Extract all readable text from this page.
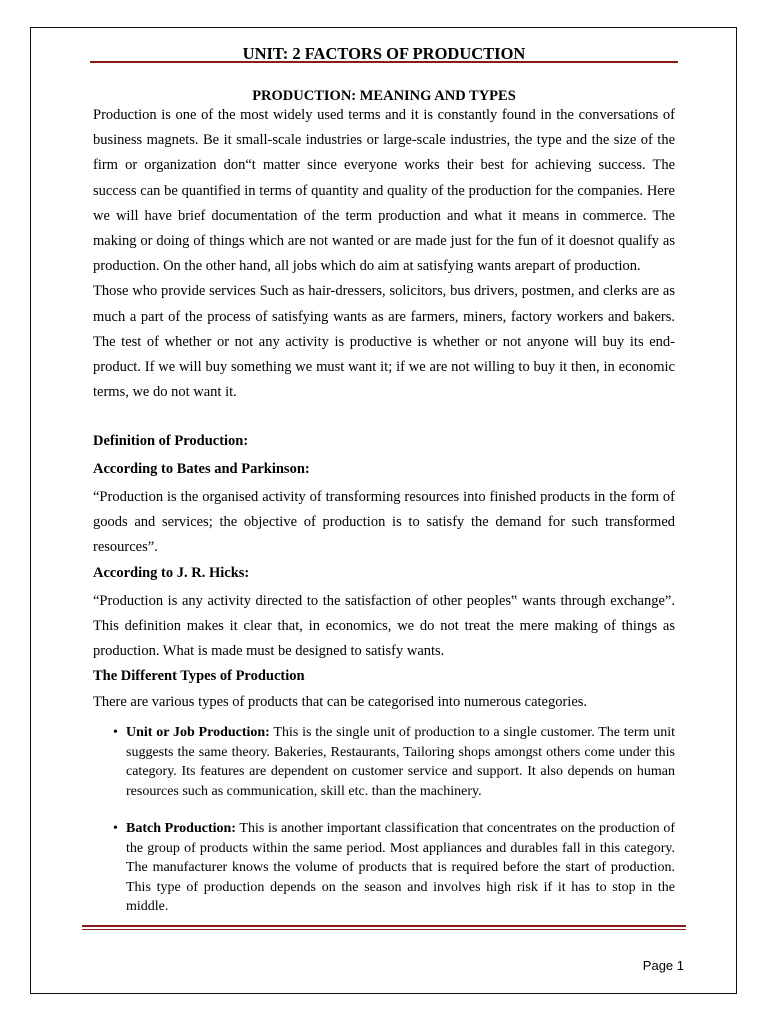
UNIT: 2 FACTORS OF PRODUCTION
PRODUCTION: MEANING AND TYPES

Production is one of the most widely used terms and it is constantly found in the conversations of business magnets. Be it small-scale industries or large-scale industries, the type and the size of the firm or organization don“t matter since everyone works their best for achieving success. The success can be quantified in terms of quantity and quality of the production for the companies. Here we will have brief documentation of the term production and what it means in commerce. The making or doing of things which are not wanted or are made just for the fun of it doesnot qualify as production. On the other hand, all jobs which do aim at satisfying wants arepart of production.

Those who provide services Such as hair-dressers, solicitors, bus drivers, postmen, and clerks are as much a part of the process of satisfying wants as are farmers, miners, factory workers and bakers. The test of whether or not any activity is productive is whether or not anyone will buy its end-product. If we will buy something we must want it; if we are not willing to buy it then, in economic terms, we do not want it.

Definition of Production:
According to Bates and Parkinson:

“Production is the organised activity of transforming resources into finished products in the form of goods and services; the objective of production is to satisfy the demand for such transformed resources”.

According to J. R. Hicks:

“Production is any activity directed to the satisfaction of other peoples‟ wants through exchange”. This definition makes it clear that, in economics, we do not treat the mere making of things as production. What is made must be designed to satisfy wants.

The Different Types of Production

There are various types of products that can be categorised into numerous categories.

• Unit or Job Production: This is the single unit of production to a single customer. The term unit suggests the same theory. Bakeries, Restaurants, Tailoring shops amongst others come under this category. Its features are dependent on customer service and support. It also depends on human resources such as communication, skill etc. than the machinery.
• Batch Production: This is another important classification that concentrates on the production of the group of products within the same period. Most appliances and durables fall in this category. The manufacturer knows the volume of products that is required before the start of production. This type of production depends on the season and involves high risk if it has to stop in the middle.
Page 1
